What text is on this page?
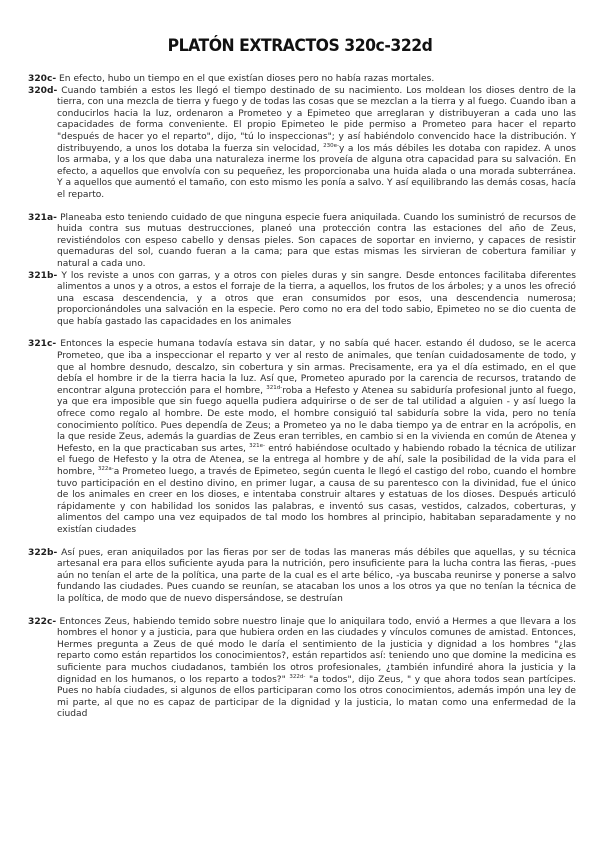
PLATÓN EXTRACTOS 320c-322d

320c- En efecto, hubo un tiempo en el que existían dioses pero no había razas mortales.

320d- Cuando también a estos les llegó el tiempo destinado de su nacimiento. Los moldean los dioses dentro de la tierra, con una mezcla de tierra y fuego y de todas las cosas que se mezclan a la tierra y al fuego. Cuando iban a conducirlos hacia la luz, ordenaron a Prometeo y a Epimeteo que arreglaran y distribuyeran a cada uno las capacidades de forma conveniente. El propio Epimeteo le pide permiso a Prometeo para hacer el reparto "después de hacer yo el reparto", dijo, "tú lo inspeccionas"; y así habiéndolo convencido hace la distribución. Y distribuyendo, a unos los dotaba la fuerza sin velocidad, $^{230e-}$y a los más débiles les dotaba con rapidez. A unos los armaba, y a los que daba una naturaleza inerme los proveía de alguna otra capacidad para su salvación. En efecto, a aquellos que envolvía con su pequeñez, les proporcionaba una huida alada o una morada subterránea. Y a aquellos que aumentó el tamaño, con esto mismo les ponía a salvo. Y así equilibrando las demás cosas, hacía el reparto.

321a- Planeaba esto teniendo cuidado de que ninguna especie fuera aniquilada. Cuando los suministró de recursos de huida contra sus mutuas destrucciones, planeó una protección contra las estaciones del año de Zeus, revistiéndolos con espeso cabello y densas pieles. Son capaces de soportar en invierno, y capaces de resistir quemaduras del sol, cuando fueran a la cama; para que estas mismas les sirvieran de cobertura familiar y natural a cada uno.

321b- Y los reviste a unos con garras, y a otros con pieles duras y sin sangre. Desde entonces facilitaba diferentes alimentos a unos y a otros, a estos el forraje de la tierra, a aquellos, los frutos de los árboles; y a unos les ofreció una escasa descendencia, y a otros que eran consumidos por esos, una descendencia numerosa; proporcionándoles una salvación en la especie. Pero como no era del todo sabio, Epimeteo no se dio cuenta de que había gastado las capacidades en los animales

321c- Entonces la especie humana todavía estava sin datar, y no sabía qué hacer. estando él dudoso, se le acerca Prometeo, que iba a inspeccionar el reparto y ver al resto de animales, que tenían cuidadosamente de todo, y que al hombre desnudo, descalzo, sin cobertura y sin armas. Precisamente, era ya el día estimado, en el que debía el hombre ir de la tierra hacia la luz. Así que, Prometeo apurado por la carencia de recursos, tratando de encontrar alguna protección para el hombre, $^{321d-}$roba a Hefesto y Atenea su sabiduría profesional junto al fuego, ya que era imposible que sin fuego aquella pudiera adquirirse o de ser de tal utilidad a alguien - y así luego la ofrece como regalo al hombre. De este modo, el hombre consiguió tal sabiduría sobre la vida, pero no tenía conocimiento político. Pues dependía de Zeus; a Prometeo ya no le daba tiempo ya de entrar en la acrópolis, en la que reside Zeus, además la guardias de Zeus eran terribles, en cambio si en la vivienda en común de Atenea y Hefesto, en la que practicaban sus artes, $^{321e-}$ entró habiéndose ocultado y habiendo robado la técnica de utilizar el fuego de Hefesto y la otra de Atenea, se la entrega al hombre y de ahí, sale la posibilidad de la vida para el hombre, $^{322a-}$a Prometeo luego, a través de Epimeteo, según cuenta le llegó el castigo del robo, cuando el hombre tuvo participación en el destino divino, en primer lugar, a causa de su parentesco con la divinidad, fue el único de los animales en creer en los dioses, e intentaba construir altares y estatuas de los dioses. Después articuló rápidamente y con habilidad los sonidos las palabras, e inventó sus casas, vestidos, calzados, coberturas, y alimentos del campo una vez equipados de tal modo los hombres al principio, habitaban separadamente y no existían ciudades

322b- Así pues, eran aniquilados por las fieras por ser de todas las maneras más débiles que aquellas, y su técnica artesanal era para ellos suficiente ayuda para la nutrición, pero insuficiente para la lucha contra las fieras, -pues aún no tenían el arte de la política, una parte de la cual es el arte bélico, -ya buscaba reunirse y ponerse a salvo fundando las ciudades. Pues cuando se reunían, se atacaban los unos a los otros ya que no tenían la técnica de la política, de modo que de nuevo dispersándose, se destruían

322c- Entonces Zeus, habiendo temido sobre nuestro linaje que lo aniquilara todo, envió a Hermes a que llevara a los hombres el honor y a justicia, para que hubiera orden en las ciudades y vínculos comunes de amistad. Entonces, Hermes pregunta a Zeus de qué modo le daría el sentimiento de la justicia y dignidad a los hombres "¿las reparto como están repartidos los conocimientos?, están repartidos así: teniendo uno que domine la medicina es suficiente para muchos ciudadanos, también los otros profesionales, ¿también infundiré ahora la justicia y la dignidad en los humanos, o los reparto a todos?" $^{322d-}$ "a todos", dijo Zeus, " y que ahora todos sean partícipes. Pues no había ciudades, si algunos de ellos participaran como los otros conocimientos, además impón una ley de mi parte, al que no es capaz de participar de la dignidad y la justicia, lo matan como una enfermedad de la ciudad
